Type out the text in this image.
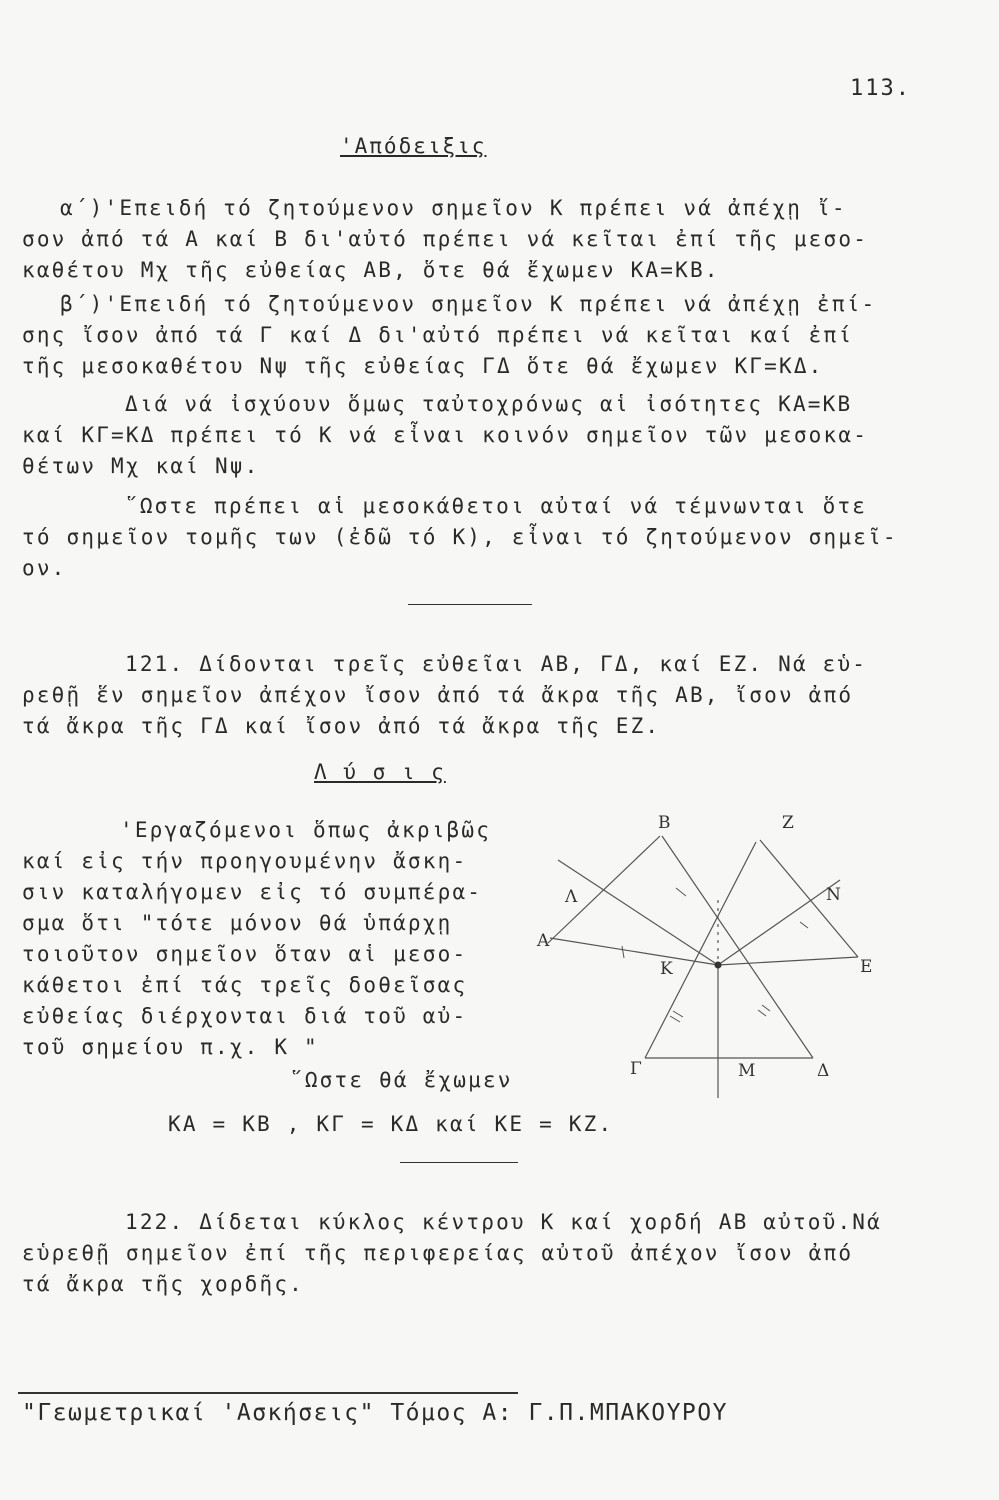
113.
'Απόδειξις
α΄)'Επειδή τό ζητούμενον σημεῖον Κ πρέπει νά ἀπέχῃ ἴ-
σον ἀπό τά Α καί Β δι'αὐτό πρέπει νά κεῖται ἐπί τῆς μεσο-
καθέτου Μχ τῆς εὐθείας ΑΒ, ὅτε θά ἔχωμεν ΚΑ=ΚΒ.
β΄)'Επειδή τό ζητούμενον σημεῖον Κ πρέπει νά ἀπέχῃ ἐπί-
σης ἴσον ἀπό τά Γ καί Δ δι'αὐτό πρέπει νά κεῖται καί ἐπί
τῆς μεσοκαθέτου Νψ τῆς εὐθείας ΓΔ ὅτε θά ἔχωμεν ΚΓ=ΚΔ.
Διά νά ἰσχύουν ὅμως ταὐτοχρόνως αἱ ἰσότητες ΚΑ=ΚΒ
καί ΚΓ=ΚΔ πρέπει τό Κ νά εἶναι κοινόν σημεῖον τῶν μεσοκα-
θέτων Μχ καί Νψ.
῞Ωστε πρέπει αἱ μεσοκάθετοι αὐταί νά τέμνωνται ὅτε
τό σημεῖον τομῆς των (ἐδῶ τό Κ), εἶναι τό ζητούμενον σημεῖ-
ον.
121. Δίδονται τρεῖς εὐθεῖαι ΑΒ, ΓΔ, καί ΕΖ. Νά εὑ-
ρεθῇ ἕν σημεῖον ἀπέχον ἴσον ἀπό τά ἄκρα τῆς ΑΒ, ἴσον ἀπό
τά ἄκρα τῆς ΓΔ καί ἴσον ἀπό τά ἄκρα τῆς ΕΖ.
Λ ύ σ ι ς
'Εργαζόμενοι ὅπως ἀκριβῶς
καί εἰς τήν προηγουμένην ἄσκη-
σιν καταλήγομεν εἰς τό συμπέρα-
σμα ὅτι "τότε μόνον θά ὑπάρχῃ
τοιοῦτον σημεῖον ὅταν αἱ μεσο-
κάθετοι ἐπί τάς τρεῖς δοθεῖσας
εὐθείας διέρχονται διά τοῦ αὐ-
τοῦ σημείου π.χ. Κ "
῞Ωστε θά ἔχωμεν
ΚΑ = ΚΒ , ΚΓ = ΚΔ καί ΚΕ = ΚΖ.
B	Z
Λ	N
A
K	E
Γ	M	Δ
122. Δίδεται κύκλος κέντρου Κ καί χορδή ΑΒ αὐτοῦ.Νά
εὑρεθῇ σημεῖον ἐπί τῆς περιφερείας αὐτοῦ ἀπέχον ἴσον ἀπό
τά ἄκρα τῆς χορδῆς.
"Γεωμετρικαί 'Ασκήσεις" Τόμος Α: Γ.Π.ΜΠΑΚΟΥΡΟΥ
